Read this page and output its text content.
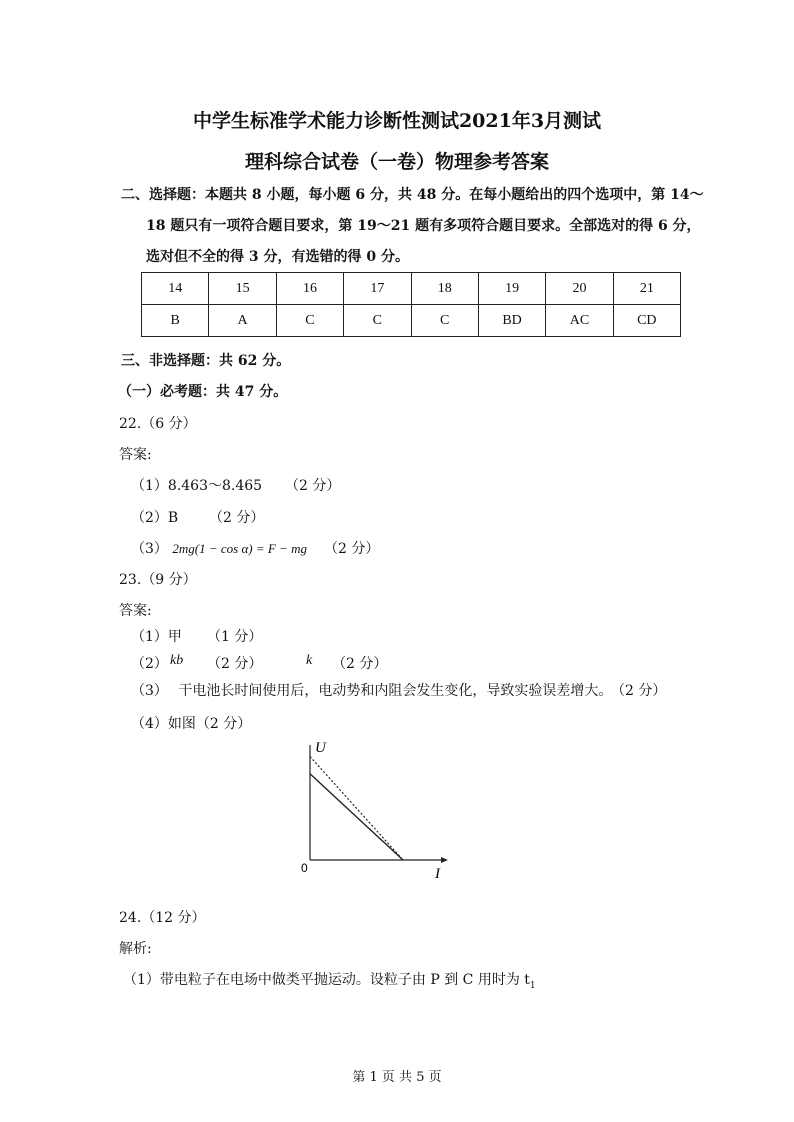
中学生标准学术能力诊断性测试2021年3月测试
理科综合试卷（一卷）物理参考答案
二、选择题：本题共 8 小题，每小题 6 分，共 48 分。在每小题给出的四个选项中，第 14～
18 题只有一项符合题目要求，第 19～21 题有多项符合题目要求。全部选对的得 6 分，
选对但不全的得 3 分，有选错的得 0 分。
14	15	16	17	18	19	20	21
B	A	C	C	C	BD	AC	CD
三、非选择题：共 62 分。
（一）必考题：共 47 分。
22.（6 分）
答案:
（1）8.463～8.465 （2 分）
（2）B （2 分）
（3） 2mg(1 − cos α) = F − mg （2 分）
23.（9 分）
答案:
（1）甲 （1 分）
（2） kb （2 分）	k （2 分）
（3） 干电池长时间使用后，电动势和内阻会发生变化，导致实验误差增大。
（2 分）
（4）如图（2 分）
U
I
0
24.（12 分）
解析:
（1）带电粒子在电场中做类平抛运动。设粒子由 P 到 C 用时为 $t_1$
第 1 页 共 5 页
